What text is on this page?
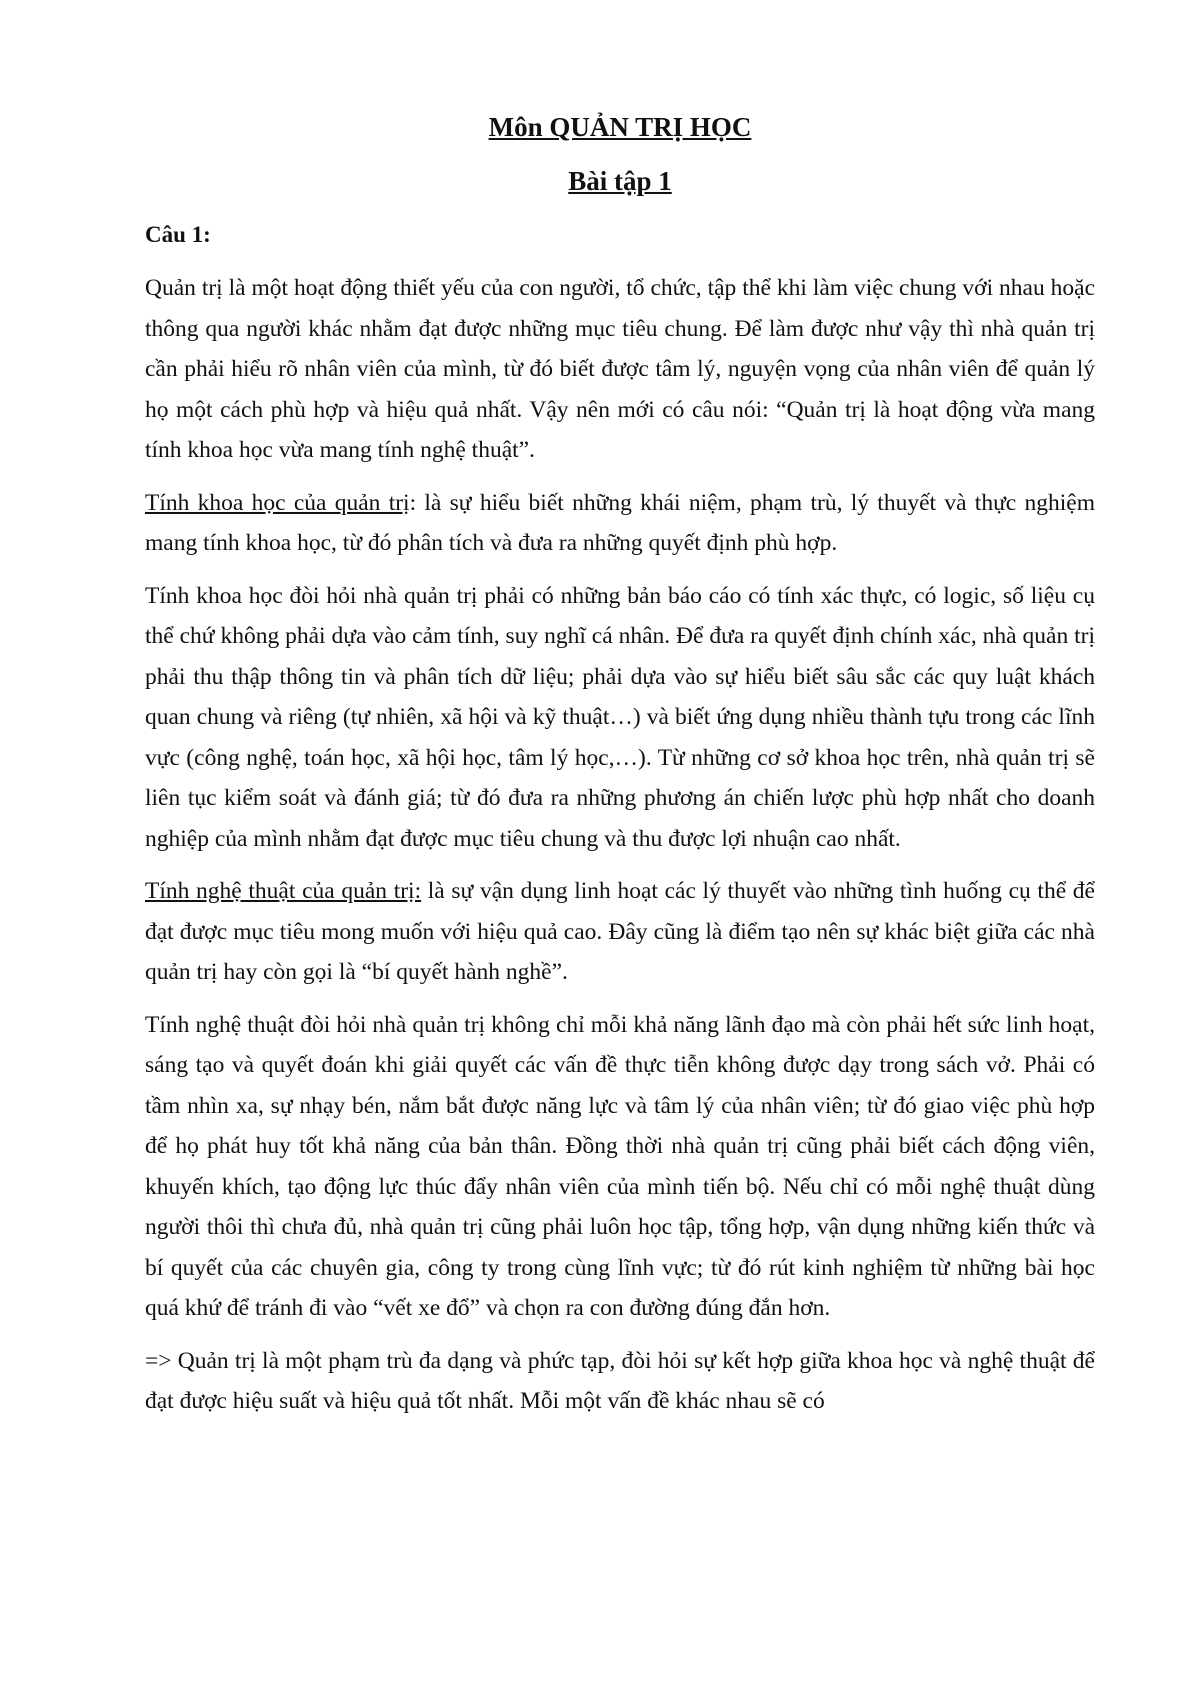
Môn QUẢN TRỊ HỌC
Bài tập 1
Câu 1:

Quản trị là một hoạt động thiết yếu của con người, tổ chức, tập thể khi làm việc chung với nhau hoặc thông qua người khác nhằm đạt được những mục tiêu chung. Để làm được như vậy thì nhà quản trị cần phải hiểu rõ nhân viên của mình, từ đó biết được tâm lý, nguyện vọng của nhân viên để quản lý họ một cách phù hợp và hiệu quả nhất. Vậy nên mới có câu nói: “Quản trị là hoạt động vừa mang tính khoa học vừa mang tính nghệ thuật”.

Tính khoa học của quản trị: là sự hiểu biết những khái niệm, phạm trù, lý thuyết và thực nghiệm mang tính khoa học, từ đó phân tích và đưa ra những quyết định phù hợp.

Tính khoa học đòi hỏi nhà quản trị phải có những bản báo cáo có tính xác thực, có logic, số liệu cụ thể chứ không phải dựa vào cảm tính, suy nghĩ cá nhân. Để đưa ra quyết định chính xác, nhà quản trị phải thu thập thông tin và phân tích dữ liệu; phải dựa vào sự hiểu biết sâu sắc các quy luật khách quan chung và riêng (tự nhiên, xã hội và kỹ thuật…) và biết ứng dụng nhiều thành tựu trong các lĩnh vực (công nghệ, toán học, xã hội học, tâm lý học,…). Từ những cơ sở khoa học trên, nhà quản trị sẽ liên tục kiểm soát và đánh giá; từ đó đưa ra những phương án chiến lược phù hợp nhất cho doanh nghiệp của mình nhằm đạt được mục tiêu chung và thu được lợi nhuận cao nhất.

Tính nghệ thuật của quản trị: là sự vận dụng linh hoạt các lý thuyết vào những tình huống cụ thể để đạt được mục tiêu mong muốn với hiệu quả cao. Đây cũng là điểm tạo nên sự khác biệt giữa các nhà quản trị hay còn gọi là “bí quyết hành nghề”.

Tính nghệ thuật đòi hỏi nhà quản trị không chỉ mỗi khả năng lãnh đạo mà còn phải hết sức linh hoạt, sáng tạo và quyết đoán khi giải quyết các vấn đề thực tiễn không được dạy trong sách vở. Phải có tầm nhìn xa, sự nhạy bén, nắm bắt được năng lực và tâm lý của nhân viên; từ đó giao việc phù hợp để họ phát huy tốt khả năng của bản thân. Đồng thời nhà quản trị cũng phải biết cách động viên, khuyến khích, tạo động lực thúc đẩy nhân viên của mình tiến bộ. Nếu chỉ có mỗi nghệ thuật dùng người thôi thì chưa đủ, nhà quản trị cũng phải luôn học tập, tổng hợp, vận dụng những kiến thức và bí quyết của các chuyên gia, công ty trong cùng lĩnh vực; từ đó rút kinh nghiệm từ những bài học quá khứ để tránh đi vào “vết xe đổ” và chọn ra con đường đúng đắn hơn.

=> Quản trị là một phạm trù đa dạng và phức tạp, đòi hỏi sự kết hợp giữa khoa học và nghệ thuật để đạt được hiệu suất và hiệu quả tốt nhất. Mỗi một vấn đề khác nhau sẽ có
